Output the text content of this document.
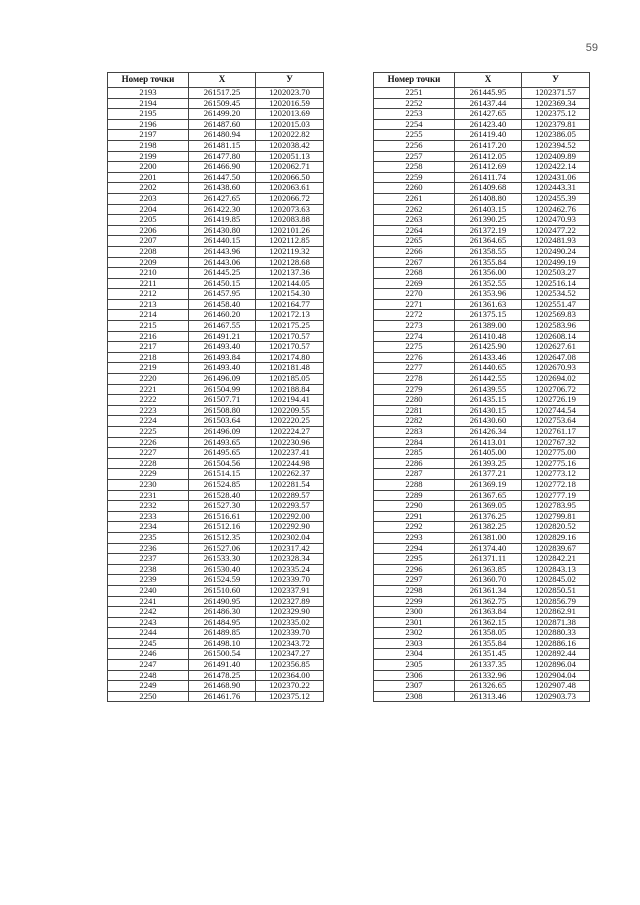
59
Номер точки	X	У
2193	261517.25	1202023.70
2194	261509.45	1202016.59
2195	261499.20	1202013.69
2196	261487.60	1202015.03
2197	261480.94	1202022.82
2198	261481.15	1202038.42
2199	261477.80	1202051.13
2200	261466.90	1202062.71
2201	261447.50	1202066.50
2202	261438.60	1202063.61
2203	261427.65	1202066.72
2204	261422.30	1202073.63
2205	261419.85	1202083.88
2206	261430.80	1202101.26
2207	261440.15	1202112.85
2208	261443.96	1202119.32
2209	261443.06	1202128.68
2210	261445.25	1202137.36
2211	261450.15	1202144.05
2212	261457.95	1202154.30
2213	261458.40	1202164.77
2214	261460.20	1202172.13
2215	261467.55	1202175.25
2216	261491.21	1202170.57
2217	261493.40	1202170.57
2218	261493.84	1202174.80
2219	261493.40	1202181.48
2220	261496.09	1202185.05
2221	261504.99	1202188.84
2222	261507.71	1202194.41
2223	261508.80	1202209.55
2224	261503.64	1202220.25
2225	261496.09	1202224.27
2226	261493.65	1202230.96
2227	261495.65	1202237.41
2228	261504.56	1202244.98
2229	261514.15	1202262.37
2230	261524.85	1202281.54
2231	261528.40	1202289.57
2232	261527.30	1202293.57
2233	261516.61	1202292.00
2234	261512.16	1202292.90
2235	261512.35	1202302.04
2236	261527.06	1202317.42
2237	261533.30	1202328.34
2238	261530.40	1202335.24
2239	261524.59	1202339.70
2240	261510.60	1202337.91
2241	261490.95	1202327.89
2242	261486.30	1202329.90
2243	261484.95	1202335.02
2244	261489.85	1202339.70
2245	261498.10	1202343.72
2246	261500.54	1202347.27
2247	261491.40	1202356.85
2248	261478.25	1202364.00
2249	261468.90	1202370.22
2250	261461.76	1202375.12
Номер точки	X	У
2251	261445.95	1202371.57
2252	261437.44	1202369.34
2253	261427.65	1202375.12
2254	261423.40	1202379.81
2255	261419.40	1202386.05
2256	261417.20	1202394.52
2257	261412.05	1202409.89
2258	261412.69	1202422.14
2259	261411.74	1202431.06
2260	261409.68	1202443.31
2261	261408.80	1202455.39
2262	261403.15	1202462.76
2263	261390.25	1202470.93
2264	261372.19	1202477.22
2265	261364.65	1202481.93
2266	261358.55	1202490.24
2267	261355.84	1202499.19
2268	261356.00	1202503.27
2269	261352.55	1202516.14
2270	261353.96	1202534.52
2271	261361.63	1202551.47
2272	261375.15	1202569.83
2273	261389.00	1202583.96
2274	261410.48	1202608.14
2275	261425.90	1202627.61
2276	261433.46	1202647.08
2277	261440.65	1202670.93
2278	261442.55	1202694.02
2279	261439.55	1202706.72
2280	261435.15	1202726.19
2281	261430.15	1202744.54
2282	261430.60	1202753.64
2283	261426.34	1202761.17
2284	261413.01	1202767.32
2285	261405.00	1202775.00
2286	261393.25	1202775.16
2287	261377.21	1202773.12
2288	261369.19	1202772.18
2289	261367.65	1202777.19
2290	261369.05	1202783.95
2291	261376.25	1202799.81
2292	261382.25	1202820.52
2293	261381.00	1202829.16
2294	261374.40	1202839.67
2295	261371.11	1202842.21
2296	261363.85	1202843.13
2297	261360.70	1202845.02
2298	261361.34	1202850.51
2299	261362.75	1202856.79
2300	261363.84	1202862.91
2301	261362.15	1202871.38
2302	261358.05	1202880.33
2303	261355.84	1202886.16
2304	261351.45	1202892.44
2305	261337.35	1202896.04
2306	261332.96	1202904.04
2307	261326.65	1202907.48
2308	261313.46	1202903.73
